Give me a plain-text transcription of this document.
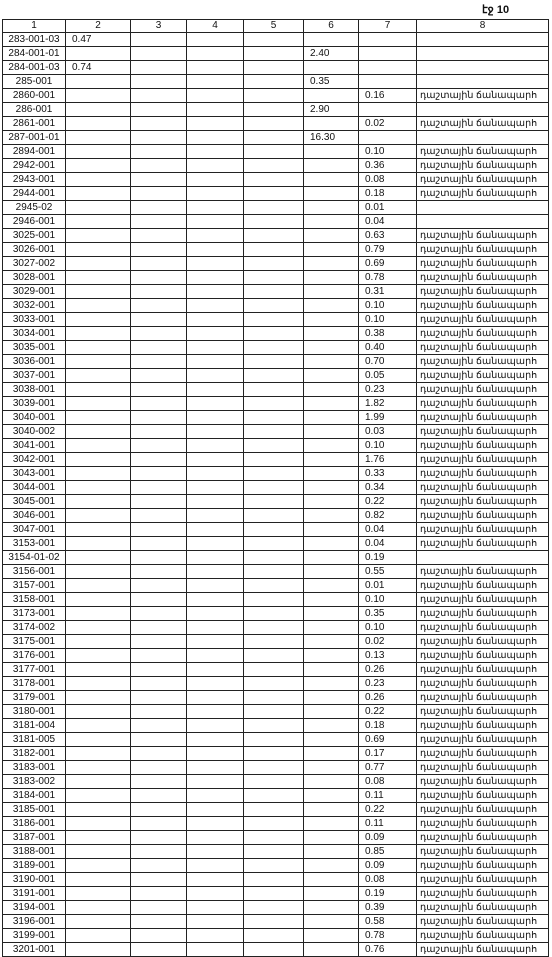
էջ 10
1	2	3	4	5	6	7	8
283-001-03	0.47						
284-001-01					2.40		
284-001-03	0.74						
285-001					0.35		
2860-001						0.16	դաշտային ճանապարհ
286-001					2.90		
2861-001						0.02	դաշտային ճանապարհ
287-001-01					16.30		
2894-001						0.10	դաշտային ճանապարհ
2942-001						0.36	դաշտային ճանապարհ
2943-001						0.08	դաշտային ճանապարհ
2944-001						0.18	դաշտային ճանապարհ
2945-02						0.01	
2946-001						0.04	
3025-001						0.63	դաշտային ճանապարհ
3026-001						0.79	դաշտային ճանապարհ
3027-002						0.69	դաշտային ճանապարհ
3028-001						0.78	դաշտային ճանապարհ
3029-001						0.31	դաշտային ճանապարհ
3032-001						0.10	դաշտային ճանապարհ
3033-001						0.10	դաշտային ճանապարհ
3034-001						0.38	դաշտային ճանապարհ
3035-001						0.40	դաշտային ճանապարհ
3036-001						0.70	դաշտային ճանապարհ
3037-001						0.05	դաշտային ճանապարհ
3038-001						0.23	դաշտային ճանապարհ
3039-001						1.82	դաշտային ճանապարհ
3040-001						1.99	դաշտային ճանապարհ
3040-002						0.03	դաշտային ճանապարհ
3041-001						0.10	դաշտային ճանապարհ
3042-001						1.76	դաշտային ճանապարհ
3043-001						0.33	դաշտային ճանապարհ
3044-001						0.34	դաշտային ճանապարհ
3045-001						0.22	դաշտային ճանապարհ
3046-001						0.82	դաշտային ճանապարհ
3047-001						0.04	դաշտային ճանապարհ
3153-001						0.04	դաշտային ճանապարհ
3154-01-02						0.19	
3156-001						0.55	դաշտային ճանապարհ
3157-001						0.01	դաշտային ճանապարհ
3158-001						0.10	դաշտային ճանապարհ
3173-001						0.35	դաշտային ճանապարհ
3174-002						0.10	դաշտային ճանապարհ
3175-001						0.02	դաշտային ճանապարհ
3176-001						0.13	դաշտային ճանապարհ
3177-001						0.26	դաշտային ճանապարհ
3178-001						0.23	դաշտային ճանապարհ
3179-001						0.26	դաշտային ճանապարհ
3180-001						0.22	դաշտային ճանապարհ
3181-004						0.18	դաշտային ճանապարհ
3181-005						0.69	դաշտային ճանապարհ
3182-001						0.17	դաշտային ճանապարհ
3183-001						0.77	դաշտային ճանապարհ
3183-002						0.08	դաշտային ճանապարհ
3184-001						0.11	դաշտային ճանապարհ
3185-001						0.22	դաշտային ճանապարհ
3186-001						0.11	դաշտային ճանապարհ
3187-001						0.09	դաշտային ճանապարհ
3188-001						0.85	դաշտային ճանապարհ
3189-001						0.09	դաշտային ճանապարհ
3190-001						0.08	դաշտային ճանապարհ
3191-001						0.19	դաշտային ճանապարհ
3194-001						0.39	դաշտային ճանապարհ
3196-001						0.58	դաշտային ճանապարհ
3199-001						0.78	դաշտային ճանապարհ
3201-001						0.76	դաշտային ճանապարհ
